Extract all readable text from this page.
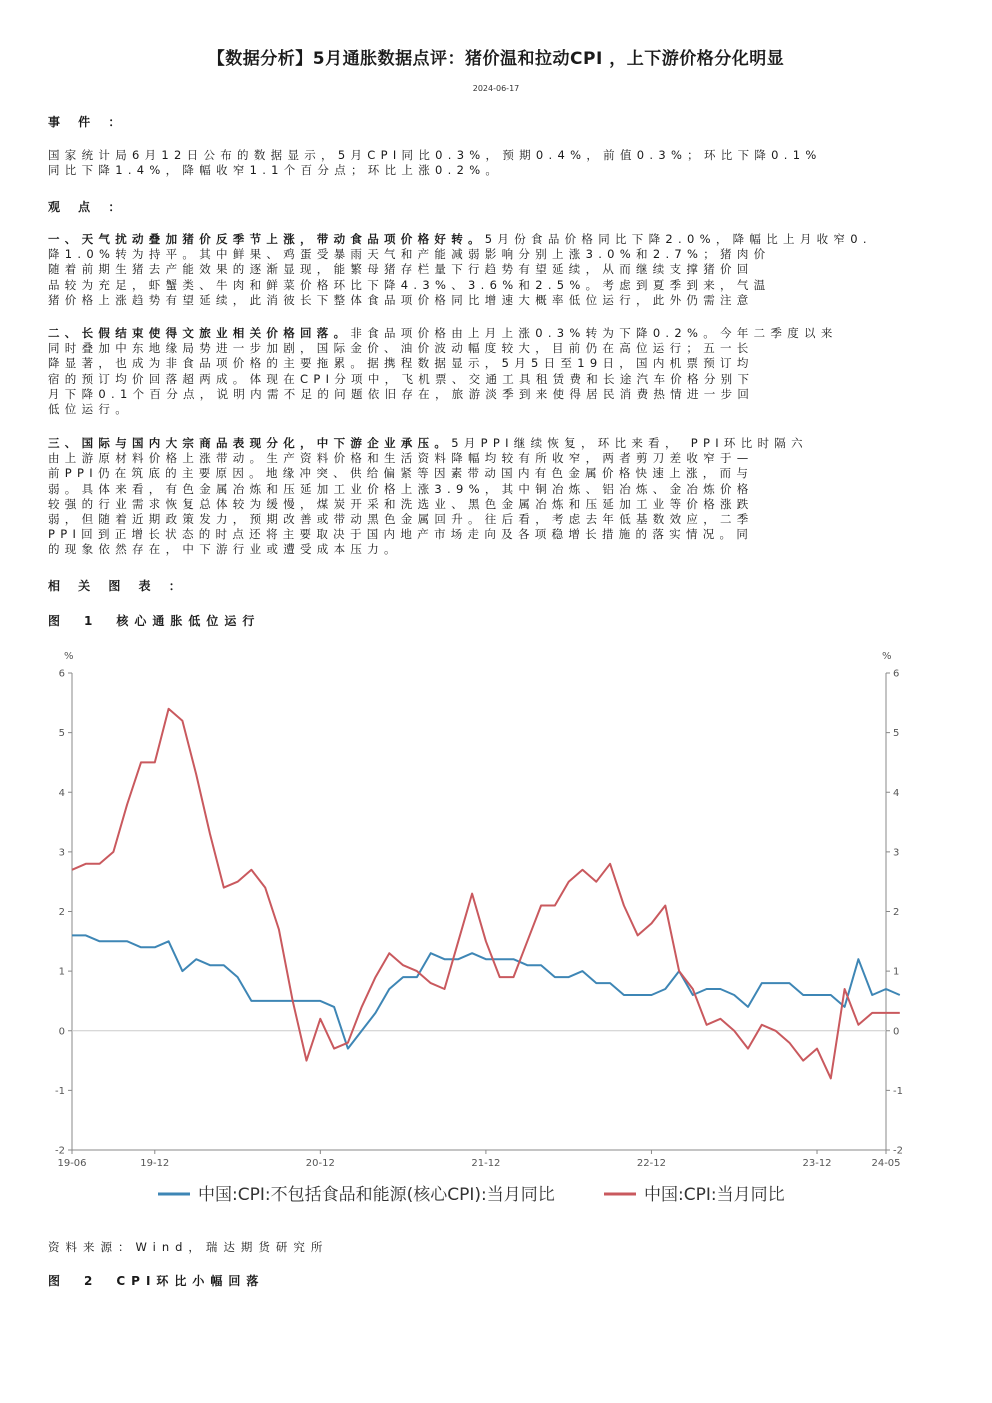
【数据分析】5月通胀数据点评：猪价温和拉动CPI ，上下游价格分化明显
2024-06-17
事 件 ：
国家统计局6月12日公布的数据显示，5月CPI同比0.3%，预期0.4%，前值0.3%；环比下降0.1%
同比下降1.4%，降幅收窄1.1个百分点；环比上涨0.2%。
观 点 ：
一、天气扰动叠加猪价反季节上涨，带动食品项价格好转。5月份食品价格同比下降2.0%，降幅比上月收窄0.
降1.0%转为持平。其中鲜果、鸡蛋受暴雨天气和产能减弱影响分别上涨3.0%和2.7%；猪肉价
随着前期生猪去产能效果的逐渐显现，能繁母猪存栏量下行趋势有望延续，从而继续支撑猪价回
品较为充足，虾蟹类、牛肉和鲜菜价格环比下降4.3%、3.6%和2.5%。考虑到夏季到来，气温
猪价格上涨趋势有望延续，此消彼长下整体食品项价格同比增速大概率低位运行，此外仍需注意
二、长假结束使得文旅业相关价格回落。非食品项价格由上月上涨0.3%转为下降0.2%。今年二季度以来
同时叠加中东地缘局势进一步加剧，国际金价、油价波动幅度较大，目前仍在高位运行；五一长
降显著，也成为非食品项价格的主要拖累。据携程数据显示，5月5日至19日，国内机票预订均
宿的预订均价回落超两成。体现在CPI分项中，飞机票、交通工具租赁费和长途汽车价格分别下
月下降0.1个百分点，说明内需不足的问题依旧存在，旅游淡季到来使得居民消费热情进一步回
低位运行。
三、国际与国内大宗商品表现分化，中下游企业承压。5月PPI继续恢复，环比来看， PPI环比时隔六
由上游原材料价格上涨带动。生产资料价格和生活资料降幅均较有所收窄，两者剪刀差收窄于—
前PPI仍在筑底的主要原因。地缘冲突、供给偏紧等因素带动国内有色金属价格快速上涨，而与
弱。具体来看，有色金属冶炼和压延加工业价格上涨3.9%，其中铜冶炼、铝冶炼、金冶炼价格
较强的行业需求恢复总体较为缓慢，煤炭开采和洗选业、黑色金属冶炼和压延加工业等价格涨跌
弱，但随着近期政策发力，预期改善或带动黑色金属回升。往后看，考虑去年低基数效应，二季
PPI回到正增长状态的时点还将主要取决于国内地产市场走向及各项稳增长措施的落实情况。同
的现象依然存在，中下游行业或遭受成本压力。
相 关 图 表 ：
图　1　核心通胀低位运行
%	%
-2	-2
-1	-1
0	0
1	1
2	2
3	3
4	4
5	5
6	6
19-06	19-12	20-12	21-12	22-12	23-12	24-05
中国:CPI:不包括食品和能源(核心CPI):当月同比	中国:CPI:当月同比
资料来源：Wind，瑞达期货研究所
图　2　CPI环比小幅回落
